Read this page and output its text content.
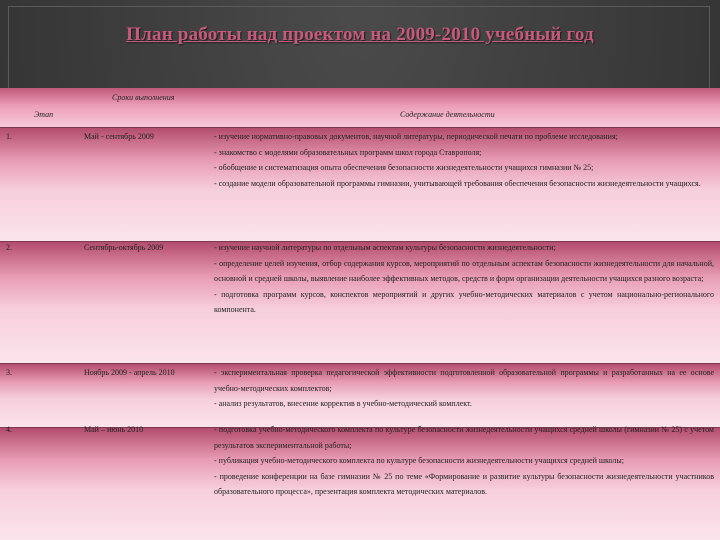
План работы над проектом на 2009-2010 учебный год
Сроки выполнения
Этап	Содержание деятельности
1.	Май - сентябрь 2009	- изучение нормативно-правовых документов, научной литературы, периодической печати по проблеме исследования;

- знакомство с моделями образовательных программ школ города Ставрополя;

- обобщение и систематизация опыта обеспечения безопасности жизнедеятельности учащихся гимназии № 25;

- создание модели образовательной программы гимназии, учитывающей требования обеспечения безопасности жизнедеятельности учащихся.

2.	Сентябрь-октябрь 2009	- изучение научной литературы по отдельным аспектам культуры безопасности жизнедеятельности;

- определение целей изучения, отбор содержания курсов, мероприятий по отдельным аспектам безопасности жизнедеятельности для начальной, основной и средней школы, выявление наиболее эффективных методов, средств и форм организации деятельности учащихся разного возраста;

- подготовка программ курсов, конспектов мероприятий и других учебно-методических материалов с учетом национально-регионального компонента.

3.	Ноябрь 2009 - апрель 2010	- экспериментальная проверка педагогической эффективности подготовленной образовательной программы и разработанных на ее основе учебно-методических комплектов;

- анализ результатов, внесение корректив в учебно-методический комплект.

4.	Май – июнь 2010	- подготовка учебно-методического комплекта по культуре безопасности жизнедеятельности учащихся средней школы (гимназии № 25) с учетом результатов экспериментальной работы;

- публикация учебно-методического комплекта по культуре безопасности жизнедеятельности учащихся средней школы;

- проведение конференции на базе гимназии № 25 по теме «Формирование и развитие культуры безопасности жизнедеятельности участников образовательного процесса», презентация комплекта методических материалов.
